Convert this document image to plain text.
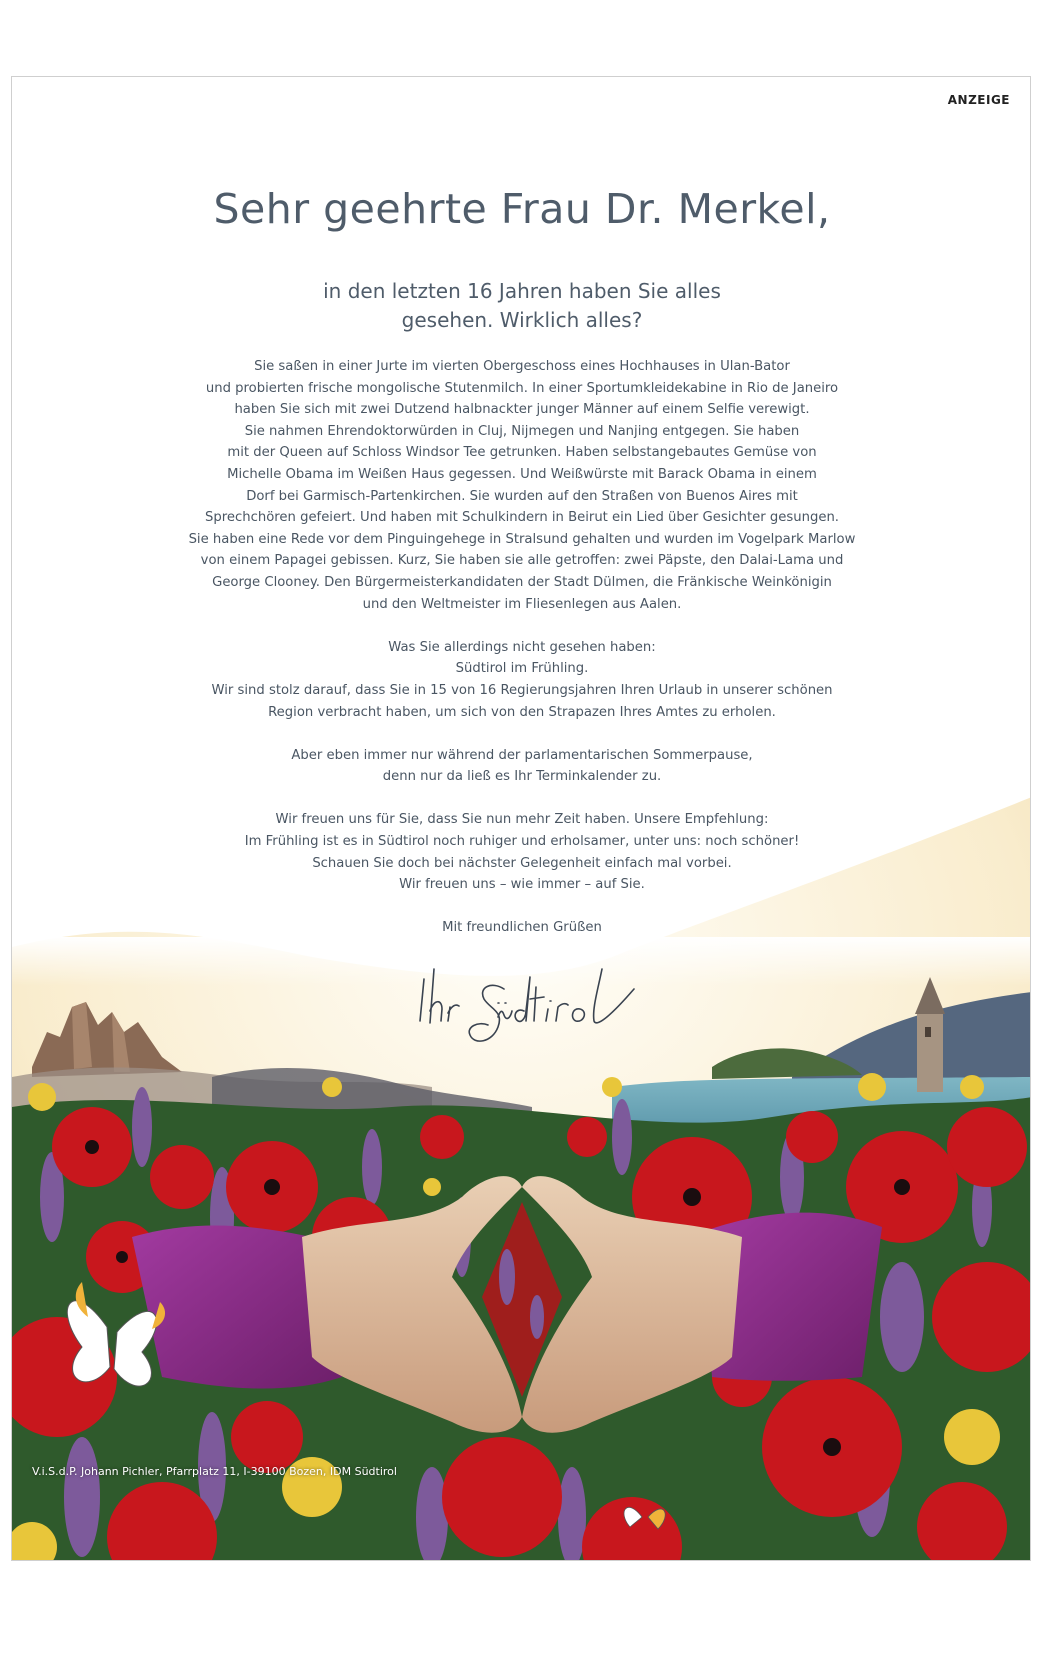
ANZEIGE
Sehr geehrte Frau Dr. Merkel,
in den letzten 16 Jahren haben Sie alles
gesehen. Wirklich alles?

Sie saßen in einer Jurte im vierten Obergeschoss eines Hochhauses in Ulan-Bator
und probierten frische mongolische Stutenmilch. In einer Sportumkleidekabine in Rio de Janeiro
haben Sie sich mit zwei Dutzend halbnackter junger Männer auf einem Selfie verewigt.
Sie nahmen Ehrendoktorwürden in Cluj, Nijmegen und Nanjing entgegen. Sie haben
mit der Queen auf Schloss Windsor Tee getrunken. Haben selbstangebautes Gemüse von
Michelle Obama im Weißen Haus gegessen. Und Weißwürste mit Barack Obama in einem
Dorf bei Garmisch-Partenkirchen. Sie wurden auf den Straßen von Buenos Aires mit
Sprechchören gefeiert. Und haben mit Schulkindern in Beirut ein Lied über Gesichter gesungen.
Sie haben eine Rede vor dem Pinguingehege in Stralsund gehalten und wurden im Vogelpark Marlow
von einem Papagei gebissen. Kurz, Sie haben sie alle getroffen: zwei Päpste, den Dalai-Lama und
George Clooney. Den Bürgermeisterkandidaten der Stadt Dülmen, die Fränkische Weinkönigin
und den Weltmeister im Fliesenlegen aus Aalen.

Was Sie allerdings nicht gesehen haben:
Südtirol im Frühling.
Wir sind stolz darauf, dass Sie in 15 von 16 Regierungsjahren Ihren Urlaub in unserer schönen
Region verbracht haben, um sich von den Strapazen Ihres Amtes zu erholen.

Aber eben immer nur während der parlamentarischen Sommerpause,
denn nur da ließ es Ihr Terminkalender zu.

Wir freuen uns für Sie, dass Sie nun mehr Zeit haben. Unsere Empfehlung:
Im Frühling ist es in Südtirol noch ruhiger und erholsamer, unter uns: noch schöner!
Schauen Sie doch bei nächster Gelegenheit einfach mal vorbei.
Wir freuen uns – wie immer – auf Sie.

Mit freundlichen Grüßen

V.i.S.d.P. Johann Pichler, Pfarrplatz 11, I-39100 Bozen, IDM Südtirol
